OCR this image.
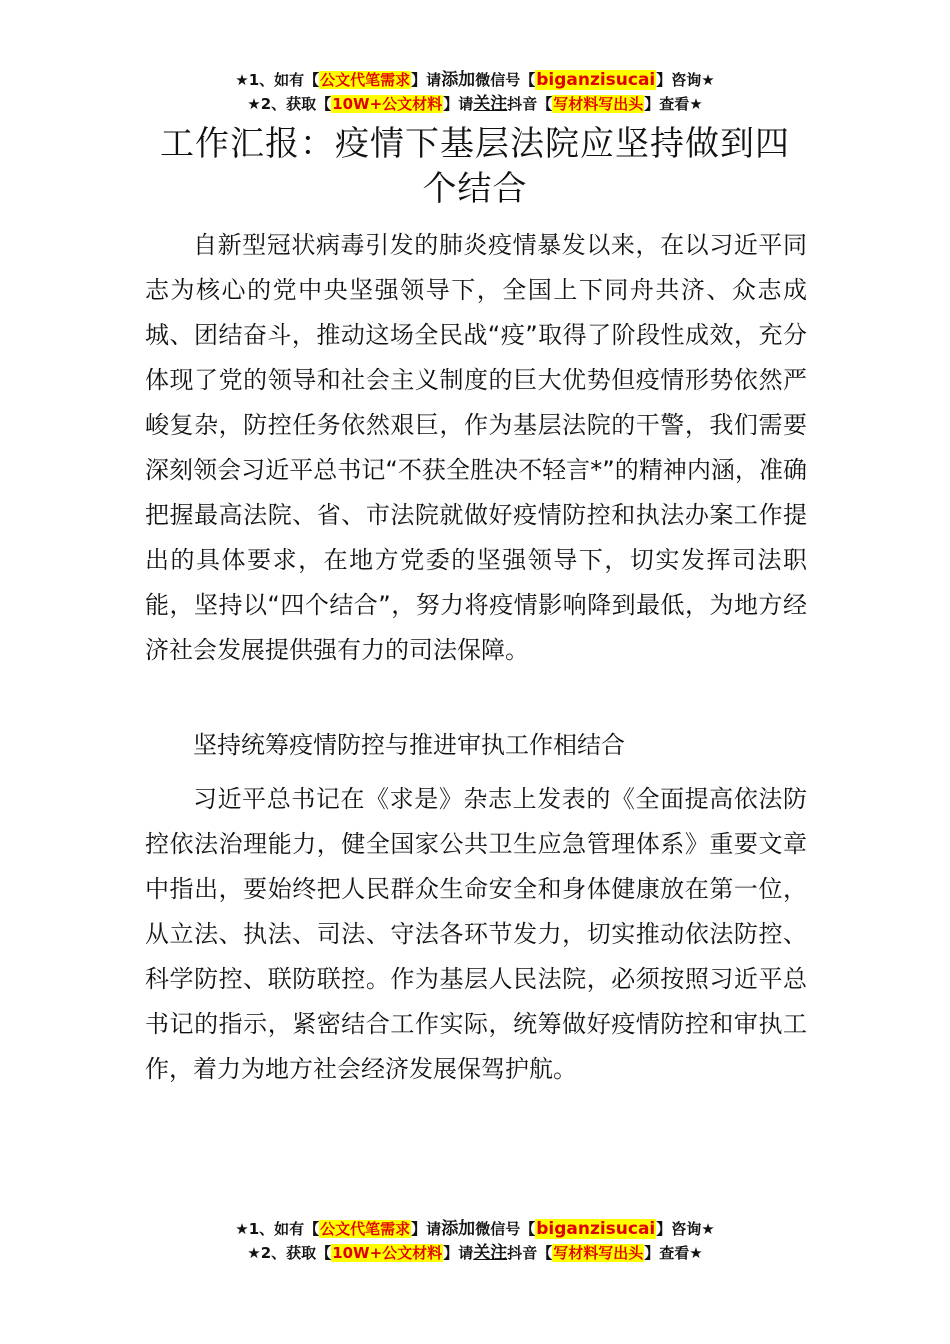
★1、如有【公文代笔需求】请添加微信号【biganzisucai】咨询★
★2、获取【10W+公文材料】请关注抖音【写材料写出头】查看★
工作汇报：疫情下基层法院应坚持做到四个结合

自新型冠状病毒引发的肺炎疫情暴发以来，在以习近平同志为核心的党中央坚强领导下，全国上下同舟共济、众志成城、团结奋斗，推动这场全民战“疫”取得了阶段性成效，充分体现了党的领导和社会主义制度的巨大优势但疫情形势依然严峻复杂，防控任务依然艰巨，作为基层法院的干警，我们需要深刻领会习近平总书记“不获全胜决不轻言*”的精神内涵，准确把握最高法院、省、市法院就做好疫情防控和执法办案工作提出的具体要求，在地方党委的坚强领导下，切实发挥司法职能，坚持以“四个结合”，努力将疫情影响降到最低，为地方经济社会发展提供强有力的司法保障。

坚持统筹疫情防控与推进审执工作相结合

习近平总书记在《求是》杂志上发表的《全面提高依法防控依法治理能力，健全国家公共卫生应急管理体系》重要文章中指出，要始终把人民群众生命安全和身体健康放在第一位，从立法、执法、司法、守法各环节发力，切实推动依法防控、科学防控、联防联控。作为基层人民法院，必须按照习近平总书记的指示，紧密结合工作实际，统筹做好疫情防控和审执工作，着力为地方社会经济发展保驾护航。

★1、如有【公文代笔需求】请添加微信号【biganzisucai】咨询★
★2、获取【10W+公文材料】请关注抖音【写材料写出头】查看★
